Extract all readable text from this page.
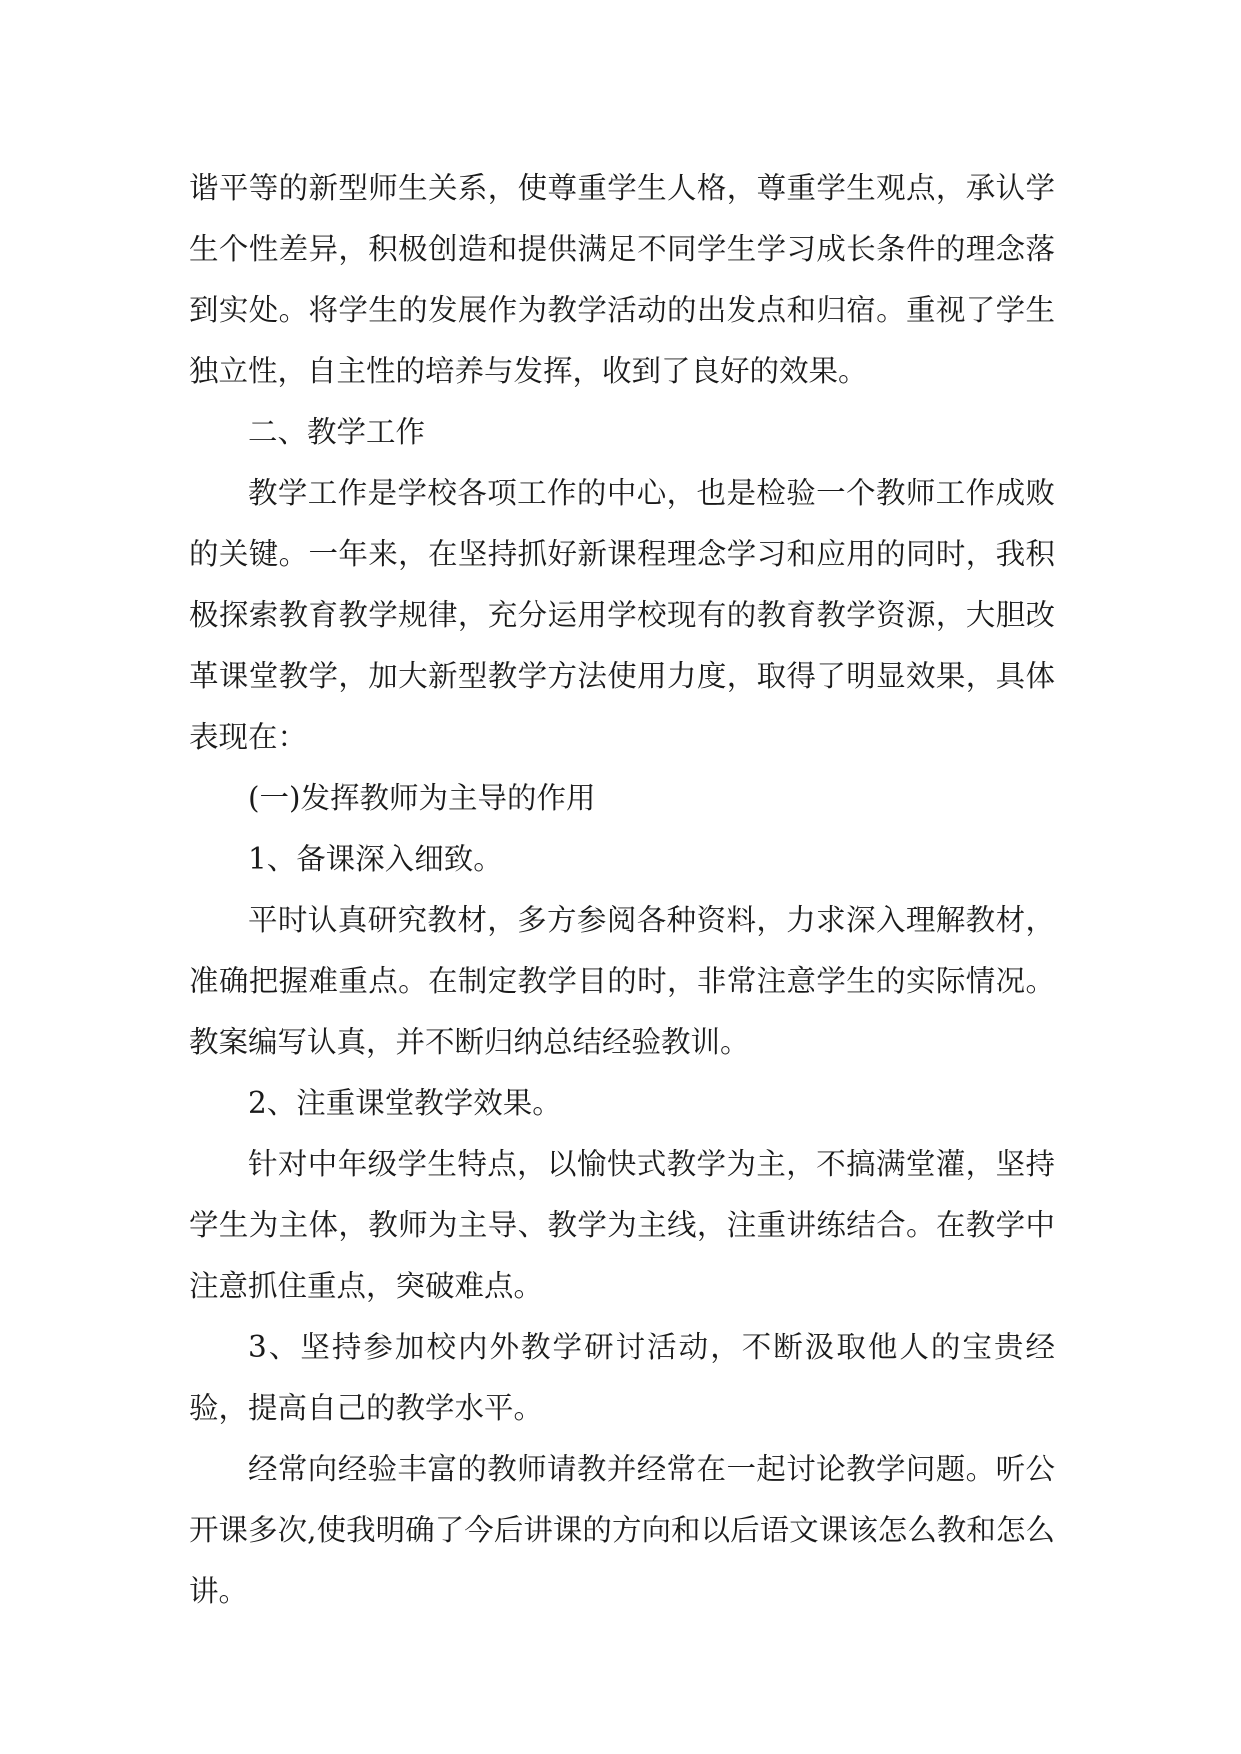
谐平等的新型师生关系，使尊重学生人格，尊重学生观点，承认学生个性差异，积极创造和提供满足不同学生学习成长条件的理念落到实处。将学生的发展作为教学活动的出发点和归宿。重视了学生独立性，自主性的培养与发挥，收到了良好的效果。

二、教学工作

教学工作是学校各项工作的中心，也是检验一个教师工作成败的关键。一年来，在坚持抓好新课程理念学习和应用的同时，我积极探索教育教学规律，充分运用学校现有的教育教学资源，大胆改革课堂教学，加大新型教学方法使用力度，取得了明显效果，具体表现在：

(一)发挥教师为主导的作用

1、备课深入细致。

平时认真研究教材，多方参阅各种资料，力求深入理解教材，准确把握难重点。在制定教学目的时，非常注意学生的实际情况。教案编写认真，并不断归纳总结经验教训。

2、注重课堂教学效果。

针对中年级学生特点，以愉快式教学为主，不搞满堂灌，坚持学生为主体，教师为主导、教学为主线，注重讲练结合。在教学中注意抓住重点，突破难点。

3、坚持参加校内外教学研讨活动，不断汲取他人的宝贵经验，提高自己的教学水平。

经常向经验丰富的教师请教并经常在一起讨论教学问题。听公开课多次,使我明确了今后讲课的方向和以后语文课该怎么教和怎么讲。
